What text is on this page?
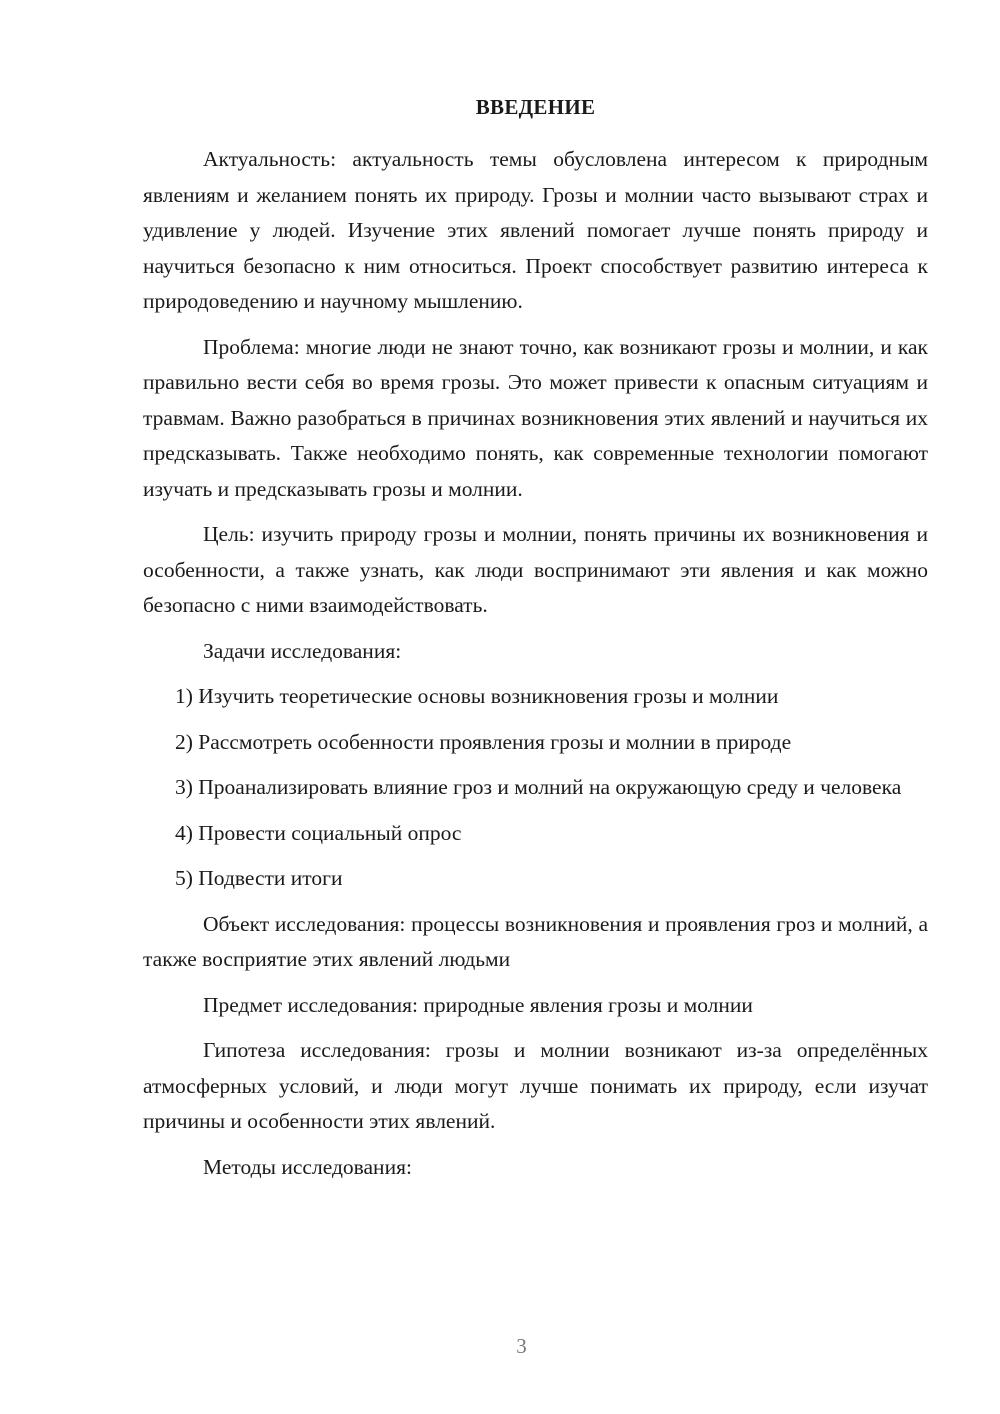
ВВЕДЕНИЕ

Актуальность: актуальность темы обусловлена интересом к природным явлениям и желанием понять их природу. Грозы и молнии часто вызывают страх и удивление у людей. Изучение этих явлений помогает лучше понять природу и научиться безопасно к ним относиться. Проект способствует развитию интереса к природоведению и научному мышлению.

Проблема: многие люди не знают точно, как возникают грозы и молнии, и как правильно вести себя во время грозы. Это может привести к опасным ситуациям и травмам. Важно разобраться в причинах возникновения этих явлений и научиться их предсказывать. Также необходимо понять, как современные технологии помогают изучать и предсказывать грозы и молнии.

Цель: изучить природу грозы и молнии, понять причины их возникновения и особенности, а также узнать, как люди воспринимают эти явления и как можно безопасно с ними взаимодействовать.

Задачи исследования:

1) Изучить теоретические основы возникновения грозы и молнии

2) Рассмотреть особенности проявления грозы и молнии в природе

3) Проанализировать влияние гроз и молний на окружающую среду и человека

4) Провести социальный опрос

5) Подвести итоги

Объект исследования: процессы возникновения и проявления гроз и молний, а также восприятие этих явлений людьми

Предмет исследования: природные явления грозы и молнии

Гипотеза исследования: грозы и молнии возникают из-за определённых атмосферных условий, и люди могут лучше понимать их природу, если изучат причины и особенности этих явлений.

Методы исследования:

3
